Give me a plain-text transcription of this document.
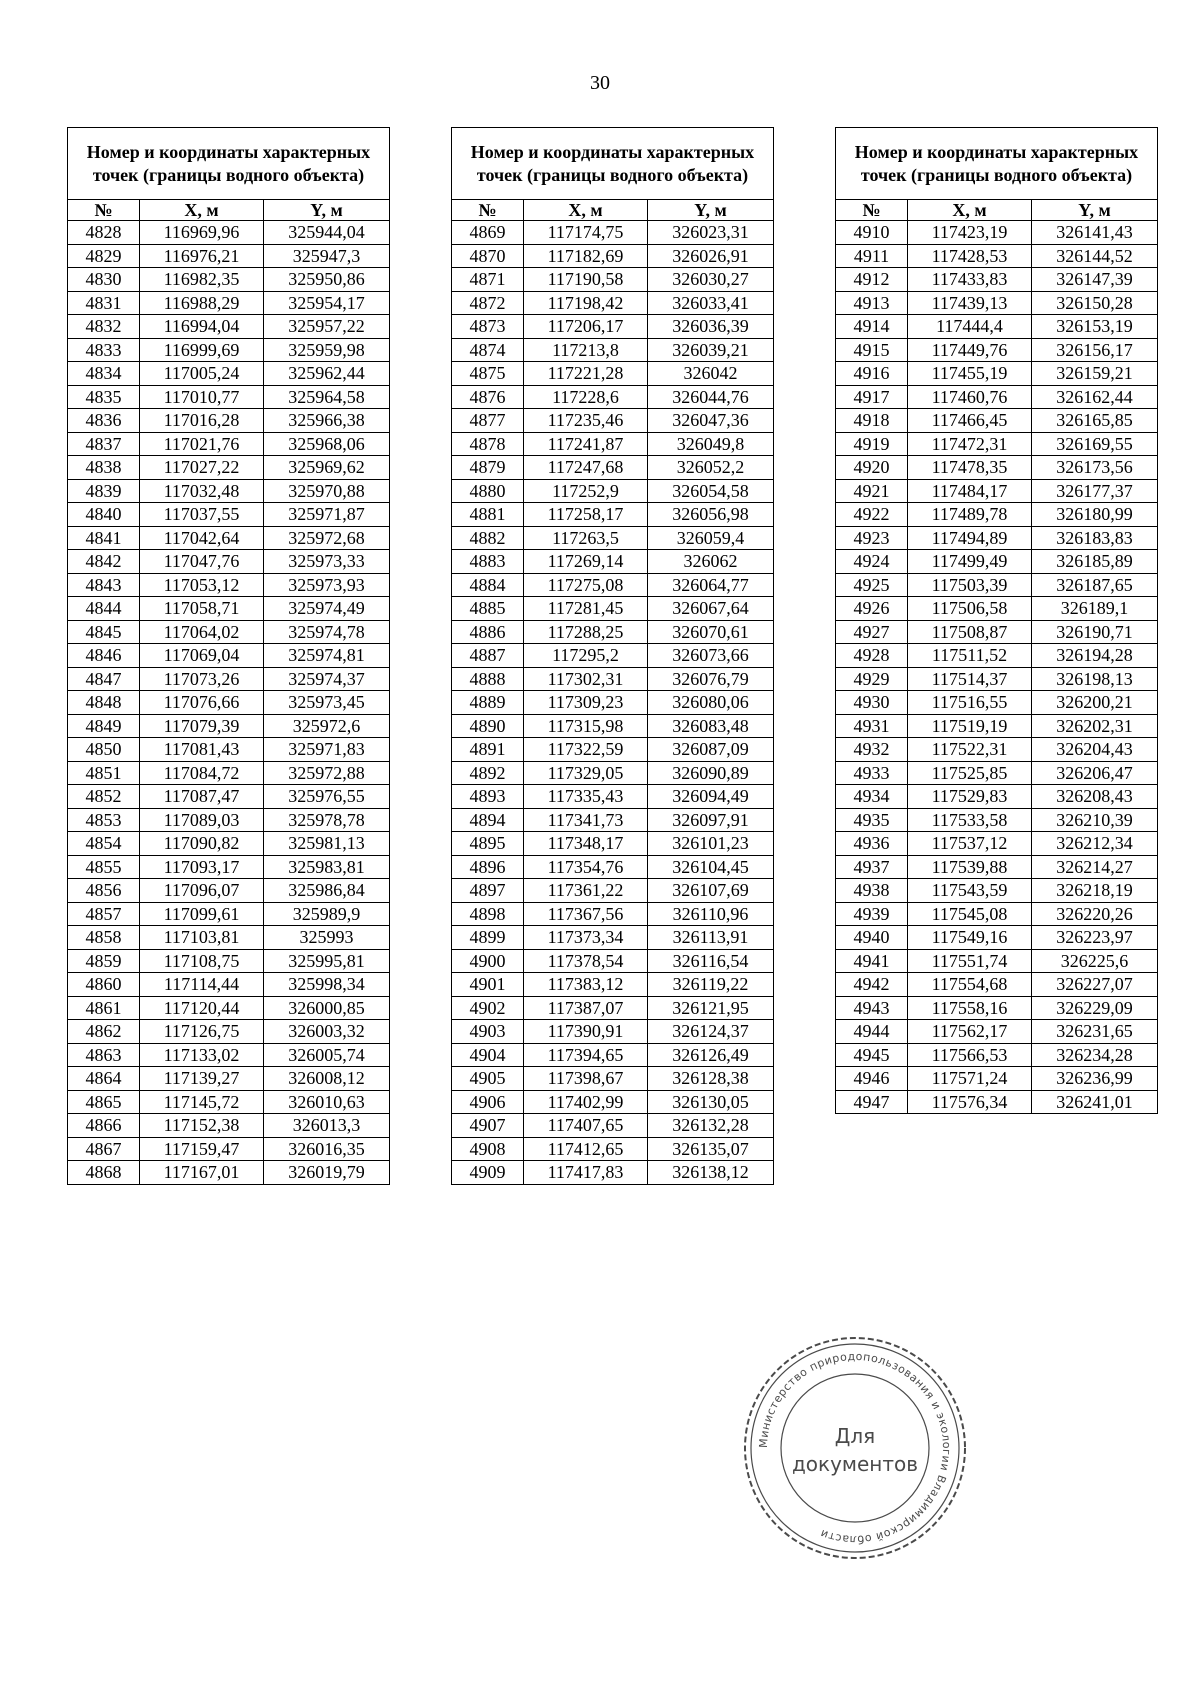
30
Номер и координаты характерных точек (границы водного объекта)		
№	X, м	Y, м
4828	116969,96	325944,04
4829	116976,21	325947,3
4830	116982,35	325950,86
4831	116988,29	325954,17
4832	116994,04	325957,22
4833	116999,69	325959,98
4834	117005,24	325962,44
4835	117010,77	325964,58
4836	117016,28	325966,38
4837	117021,76	325968,06
4838	117027,22	325969,62
4839	117032,48	325970,88
4840	117037,55	325971,87
4841	117042,64	325972,68
4842	117047,76	325973,33
4843	117053,12	325973,93
4844	117058,71	325974,49
4845	117064,02	325974,78
4846	117069,04	325974,81
4847	117073,26	325974,37
4848	117076,66	325973,45
4849	117079,39	325972,6
4850	117081,43	325971,83
4851	117084,72	325972,88
4852	117087,47	325976,55
4853	117089,03	325978,78
4854	117090,82	325981,13
4855	117093,17	325983,81
4856	117096,07	325986,84
4857	117099,61	325989,9
4858	117103,81	325993
4859	117108,75	325995,81
4860	117114,44	325998,34
4861	117120,44	326000,85
4862	117126,75	326003,32
4863	117133,02	326005,74
4864	117139,27	326008,12
4865	117145,72	326010,63
4866	117152,38	326013,3
4867	117159,47	326016,35
4868	117167,01	326019,79
Номер и координаты характерных точек (границы водного объекта)		
№	X, м	Y, м
4869	117174,75	326023,31
4870	117182,69	326026,91
4871	117190,58	326030,27
4872	117198,42	326033,41
4873	117206,17	326036,39
4874	117213,8	326039,21
4875	117221,28	326042
4876	117228,6	326044,76
4877	117235,46	326047,36
4878	117241,87	326049,8
4879	117247,68	326052,2
4880	117252,9	326054,58
4881	117258,17	326056,98
4882	117263,5	326059,4
4883	117269,14	326062
4884	117275,08	326064,77
4885	117281,45	326067,64
4886	117288,25	326070,61
4887	117295,2	326073,66
4888	117302,31	326076,79
4889	117309,23	326080,06
4890	117315,98	326083,48
4891	117322,59	326087,09
4892	117329,05	326090,89
4893	117335,43	326094,49
4894	117341,73	326097,91
4895	117348,17	326101,23
4896	117354,76	326104,45
4897	117361,22	326107,69
4898	117367,56	326110,96
4899	117373,34	326113,91
4900	117378,54	326116,54
4901	117383,12	326119,22
4902	117387,07	326121,95
4903	117390,91	326124,37
4904	117394,65	326126,49
4905	117398,67	326128,38
4906	117402,99	326130,05
4907	117407,65	326132,28
4908	117412,65	326135,07
4909	117417,83	326138,12
Номер и координаты характерных точек (границы водного объекта)		
№	X, м	Y, м
4910	117423,19	326141,43
4911	117428,53	326144,52
4912	117433,83	326147,39
4913	117439,13	326150,28
4914	117444,4	326153,19
4915	117449,76	326156,17
4916	117455,19	326159,21
4917	117460,76	326162,44
4918	117466,45	326165,85
4919	117472,31	326169,55
4920	117478,35	326173,56
4921	117484,17	326177,37
4922	117489,78	326180,99
4923	117494,89	326183,83
4924	117499,49	326185,89
4925	117503,39	326187,65
4926	117506,58	326189,1
4927	117508,87	326190,71
4928	117511,52	326194,28
4929	117514,37	326198,13
4930	117516,55	326200,21
4931	117519,19	326202,31
4932	117522,31	326204,43
4933	117525,85	326206,47
4934	117529,83	326208,43
4935	117533,58	326210,39
4936	117537,12	326212,34
4937	117539,88	326214,27
4938	117543,59	326218,19
4939	117545,08	326220,26
4940	117549,16	326223,97
4941	117551,74	326225,6
4942	117554,68	326227,07
4943	117558,16	326229,09
4944	117562,17	326231,65
4945	117566,53	326234,28
4946	117571,24	326236,99
4947	117576,34	326241,01
Министерство природопользования и экологии Владимирской области
Для
документов
